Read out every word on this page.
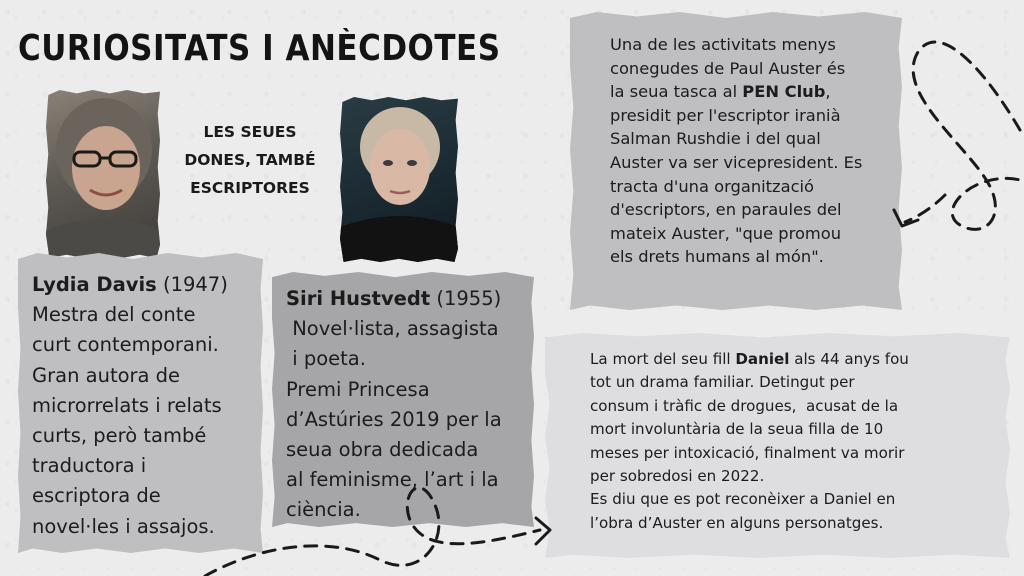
CURIOSITATS I ANÈCDOTES

LES SEUES DONES, TAMBÉ ESCRIPTORES

Lydia Davis (1947)
Mestra del conte
curt contemporani.
Gran autora de
microrrelats i relats
curts, però també
traductora i
escriptora de
novel·les i assajos.
Siri Hustvedt (1955)
Novel·lista, assagista
i poeta.
Premi Princesa
d’Astúries 2019 per la
seua obra dedicada
al feminisme, l’art i la
ciència.
Una de les activitats menys
conegudes de Paul Auster és
la seua tasca al PEN Club,
presidit per l'escriptor iranià
Salman Rushdie i del qual
Auster va ser vicepresident. Es
tracta d'una organització
d'escriptors, en paraules del
mateix Auster, "que promou
els drets humans al món".
La mort del seu fill Daniel als 44 anys fou
tot un drama familiar. Detingut per
consum i tràfic de drogues,  acusat de la
mort involuntària de la seua filla de 10
meses per intoxicació, finalment va morir
per sobredosi en 2022.
Es diu que es pot reconèixer a Daniel en
l’obra d’Auster en alguns personatges.
